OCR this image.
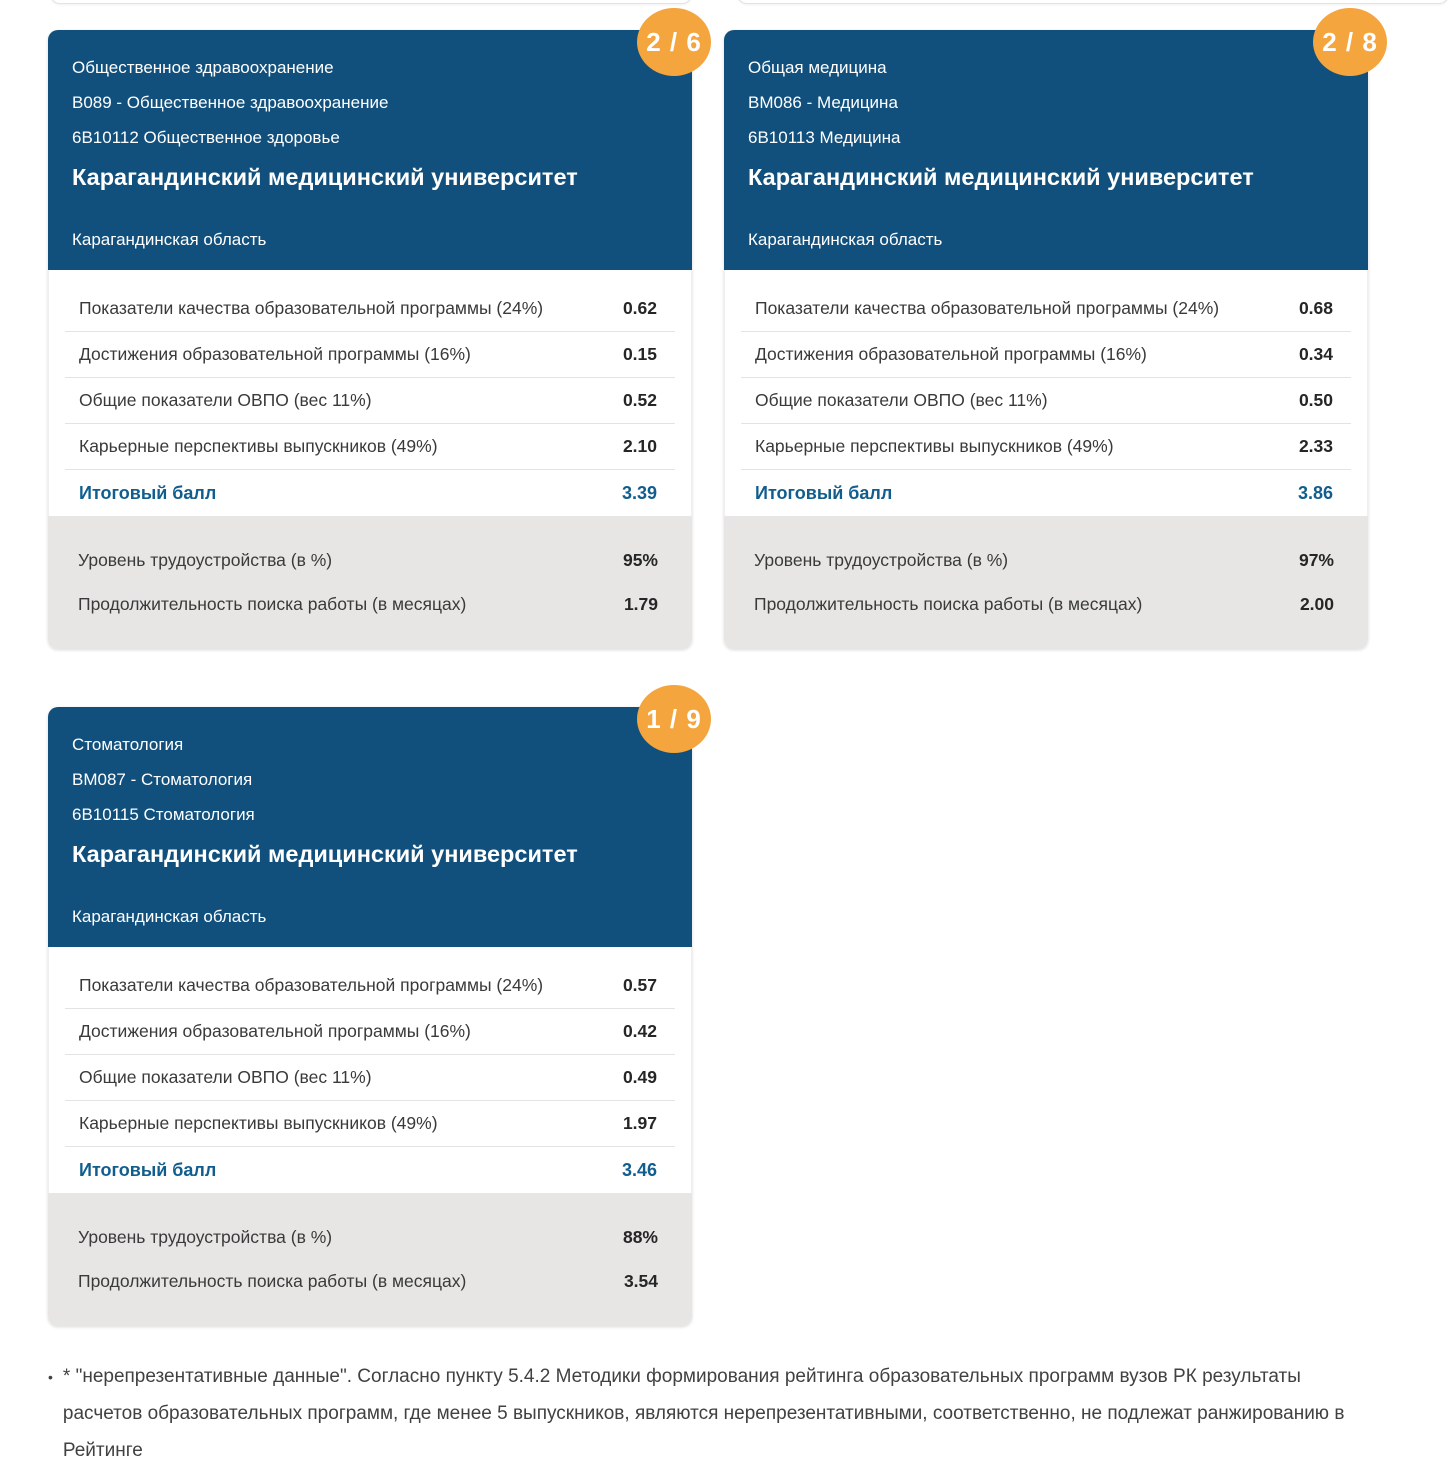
2 / 6
Общественное здравоохранение
B089 - Общественное здравоохранение
6B10112 Общественное здоровье
Карагандинский медицинский университет
Карагандинская область
Показатели качества образовательной программы (24%)	0.62
Достижения образовательной программы (16%)	0.15
Общие показатели ОВПО (вес 11%)	0.52
Карьерные перспективы выпускников (49%)	2.10
Итоговый балл	3.39
Уровень трудоустройства (в %)	95%
Продолжительность поиска работы (в месяцах)	1.79
2 / 8
Общая медицина
BM086 - Медицина
6B10113 Медицина
Карагандинский медицинский университет
Карагандинская область
Показатели качества образовательной программы (24%)	0.68
Достижения образовательной программы (16%)	0.34
Общие показатели ОВПО (вес 11%)	0.50
Карьерные перспективы выпускников (49%)	2.33
Итоговый балл	3.86
Уровень трудоустройства (в %)	97%
Продолжительность поиска работы (в месяцах)	2.00
1 / 9
Стоматология
BM087 - Стоматология
6B10115 Стоматология
Карагандинский медицинский университет
Карагандинская область
Показатели качества образовательной программы (24%)	0.57
Достижения образовательной программы (16%)	0.42
Общие показатели ОВПО (вес 11%)	0.49
Карьерные перспективы выпускников (49%)	1.97
Итоговый балл	3.46
Уровень трудоустройства (в %)	88%
Продолжительность поиска работы (в месяцах)	3.54
• * "нерепрезентативные данные". Согласно пункту 5.4.2 Методики формирования рейтинга образовательных программ вузов РК результаты расчетов образовательных программ, где менее 5 выпускников, являются нерепрезентативными, соответственно, не подлежат ранжированию в Рейтинге
